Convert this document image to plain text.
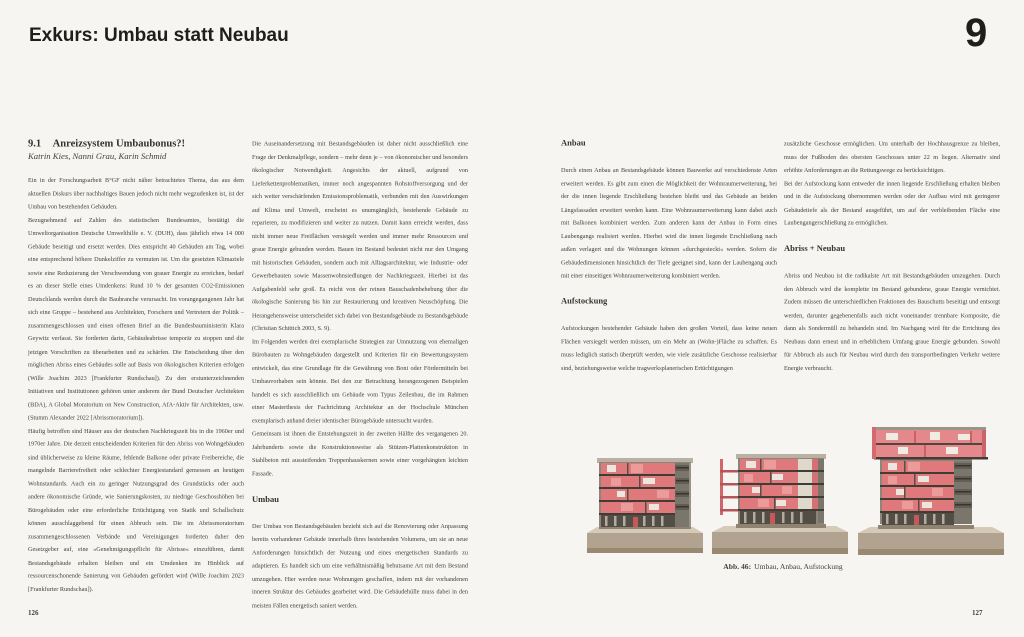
Exkurs: Umbau statt Neubau	9
9.1 Anreizsystem Umbaubonus?!
Katrin Kies, Nanni Grau, Karin Schmid

Ein in der Forschungsarbeit B°GF nicht näher betrachtetes Thema, das aus dem aktuellen Diskurs über nachhaltiges Bauen jedoch nicht mehr wegzudenken ist, ist der Umbau von bestehenden Gebäuden.

Bezugnehmend auf Zahlen des statistischen Bundesamtes, bestätigt die Umweltorganisation Deutsche Umwelthilfe e. V. (DUH), dass jährlich etwa 14 000 Gebäude beseitigt und ersetzt werden. Dies entspricht 40 Gebäuden am Tag, wobei eine entsprechend höhere Dunkelziffer zu vermuten ist. Um die gesetzten Klimaziele sowie eine Reduzierung der Verschwendung von grauer Energie zu erreichen, bedarf es an dieser Stelle eines Umdenkens: Rund 10 % der gesamten CO2-Emissionen Deutschlands werden durch die Baubranche verursacht. Im vorangegangenen Jahr hat sich eine Gruppe – bestehend aus Architekten, Forschern und Vertretern der Politik – zusammengeschlossen und einen offenen Brief an die Bundesbauministerin Klara Geywitz verfasst. Sie forderten darin, Gebäudeabrisse temporär zu stoppen und die jetzigen Vorschriften zu überarbeiten und zu schärfen. Die Entscheidung über den möglichen Abriss eines Gebäudes solle auf Basis von ökologischen Kriterien erfolgen (Wille Joachim 2023 [Frankfurter Rundschau]). Zu den erstunterzeichnenden Initiativen und Institutionen gehören unter anderem der Bund Deutscher Architekten (BDA), A Global Moratorium on New Construction, AfA-Aktiv für Architekten, usw. (Stumm Alexander 2022 [Abrissmoratorium]).

Häufig betroffen sind Häuser aus der deutschen Nachkriegszeit bis in die 1960er und 1970er Jahre. Die derzeit entscheidenden Kriterien für den Abriss von Wohngebäuden sind üblicherweise zu kleine Räume, fehlende Balkone oder private Freibereiche, die mangelnde Barrierefreiheit oder schlechter Energiestandard gemessen an heutigen Wohnstandards. Auch ein zu geringer Nutzungsgrad des Grundstücks oder auch andere ökonomische Gründe, wie Sanierungskosten, zu niedrige Geschosshöhen bei Bürogebäuden oder eine erforderliche Ertüchtigung von Statik und Schallschutz können ausschlaggebend für einen Abbruch sein. Die im Abrissmoratorium zusammengeschlossenen Verbände und Vereinigungen forderten daher den Gesetzgeber auf, eine »Genehmigungspflicht für Abrisse« einzuführen, damit Bestandsgebäude erhalten bleiben und ein Umdenken im Hinblick auf ressourcenschonende Sanierung von Gebäuden gefördert wird (Wille Joachim 2023 [Frankfurter Rundschau]).

Die Auseinandersetzung mit Bestandsgebäuden ist daher nicht ausschließlich eine Frage der Denkmalpflege, sondern – mehr denn je – von ökonomischer und besonders ökologischer Notwendigkeit. Angesichts der aktuell, aufgrund von Lieferkettenproblematiken, immer noch angespannten Rohstoffversorgung und der sich weiter verschärfenden Emissionsproblematik, verbunden mit den Auswirkungen auf Klima und Umwelt, erscheint es unumgänglich, bestehende Gebäude zu reparieren, zu modifizieren und weiter zu nutzen. Damit kann erreicht werden, dass nicht immer neue Freiflächen versiegelt werden und immer mehr Ressourcen und graue Energie gebunden werden. Bauen im Bestand bedeutet nicht nur den Umgang mit historischen Gebäuden, sondern auch mit Alltagsarchitektur, wie Industrie- oder Gewerbebauten sowie Massenwohnsiedlungen der Nachkriegszeit. Hierbei ist das Aufgabenfeld sehr groß. Es reicht von der reinen Bauschadenbehebung über die ökologische Sanierung bis hin zur Restaurierung und kreativen Neuschöpfung. Die Herangehensweise unterscheidet sich dabei von Bestandsgebäude zu Bestandsgebäude (Christian Schittich 2003, S. 9).

Im Folgenden werden drei exemplarische Strategien zur Umnutzung von ehemaligen Bürobauten zu Wohngebäuden dargestellt und Kriterien für ein Bewertungssystem entwickelt, das eine Grundlage für die Gewährung von Boni oder Fördermitteln bei Umbauvorhaben sein könnte. Bei den zur Betrachtung herangezogenen Beispielen handelt es sich ausschließlich um Gebäude vom Typus Zeilenbau, die im Rahmen einer Masterthesis der Fachrichtung Architektur an der Hochschule München exemplarisch anhand dreier identischer Bürogebäude untersucht wurden.

Gemeinsam ist ihnen die Entstehungszeit in der zweiten Hälfte des vergangenen 20. Jahrhunderts sowie die Konstruktionsweise als Stützen-Plattenkonstruktion in Stahlbeton mit aussteifenden Treppenhauskernen sowie einer vorgehängten leichten Fassade.

Umbau

Der Umbau von Bestandsgebäuden bezieht sich auf die Renovierung oder Anpassung bereits vorhandener Gebäude innerhalb ihres bestehenden Volumens, um sie an neue Anforderungen hinsichtlich der Nutzung und eines energetischen Standards zu adaptieren. Es handelt sich um eine verhältnismäßig behutsame Art mit dem Bestand umzugehen. Hier werden neue Wohnungen geschaffen, indem mit der vorhandenen inneren Struktur des Gebäudes gearbeitet wird. Die Gebäudehülle muss dabei in den meisten Fällen energetisch saniert werden.

Anbau

Durch einen Anbau an Bestandsgebäude können Bauwerke auf verschiedenste Arten erweitert werden. Es gibt zum einen die Möglichkeit der Wohnraumerweiterung, bei der die innen liegende Erschließung bestehen bleibt und das Gebäude an beiden Längsfassaden erweitert werden kann. Eine Wohnraumerweiterung kann dabei auch mit Balkonen kombiniert werden. Zum anderen kann der Anbau in Form eines Laubengangs realisiert werden. Hierbei wird die innen liegende Erschließung nach außen verlagert und die Wohnungen können »durchgesteckt« werden. Sofern die Gebäudedimensionen hinsichtlich der Tiefe geeignet sind, kann der Laubengang auch mit einer einseitigen Wohnraumerweiterung kombiniert werden.

Aufstockung

Aufstockungen bestehender Gebäude haben den großen Vorteil, dass keine neuen Flächen versiegelt werden müssen, um ein Mehr an (Wohn-)Fläche zu schaffen. Es muss lediglich statisch überprüft werden, wie viele zusätzliche Geschosse realisierbar sind, beziehungsweise welche tragwerksplanerischen Ertüchtigungen

zusätzliche Geschosse ermöglichen. Um unterhalb der Hochhausgrenze zu bleiben, muss der Fußboden des obersten Geschosses unter 22 m liegen. Alternativ sind erhöhte Anforderungen an die Rettungswege zu berücksichtigen.

Bei der Aufstockung kann entweder die innen liegende Erschließung erhalten bleiben und in die Aufstockung übernommen werden oder der Aufbau wird mit geringerer Gebäudetiefe als der Bestand ausgeführt, um auf der verbleibenden Fläche eine Laubengangerschließung zu ermöglichen.

Abriss + Neubau

Abriss und Neubau ist die radikalste Art mit Bestandsgebäuden umzugehen. Durch den Abbruch wird die komplette im Bestand gebundene, graue Energie vernichtet. Zudem müssen die unterschiedlichen Fraktionen des Bauschutts beseitigt und entsorgt werden, darunter gegebenenfalls auch nicht voneinander trennbare Komposite, die dann als Sondermüll zu behandeln sind. Im Nachgang wird für die Errichtung des Neubaus dann erneut und in erheblichem Umfang graue Energie gebunden. Sowohl für Abbruch als auch für Neubau wird durch den transportbedingten Verkehr weitere Energie verbraucht.

Abb. 46: Umbau, Anbau, Aufstockung
126	127
